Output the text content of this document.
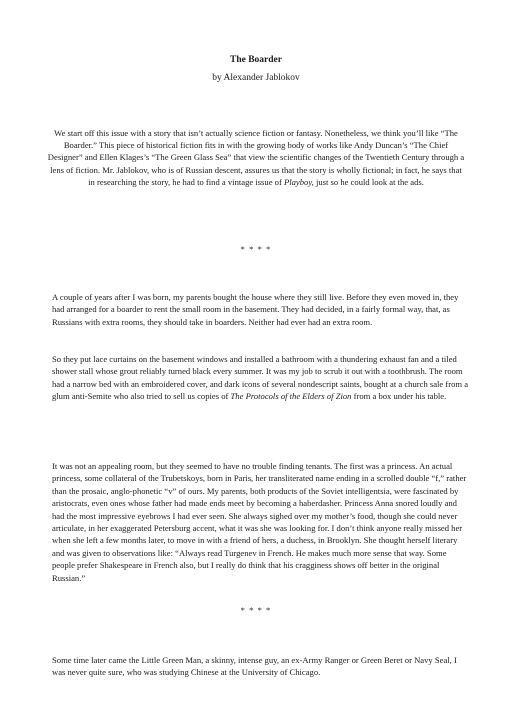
The Boarder
by Alexander Jablokov
We start off this issue with a story that isn’t actually science fiction or fantasy. Nonetheless, we think you’ll like “The Boarder.” This piece of historical fiction fits in with the growing body of works like Andy Duncan’s “The Chief Designer” and Ellen Klages’s “The Green Glass Sea” that view the scientific changes of the Twentieth Century through a lens of fiction. Mr. Jablokov, who is of Russian descent, assures us that the story is wholly fictional; in fact, he says that in researching the story, he had to find a vintage issue of Playboy, just so he could look at the ads.
* * * *

A couple of years after I was born, my parents bought the house where they still live. Before they even moved in, they had arranged for a boarder to rent the small room in the basement. They had decided, in a fairly formal way, that, as Russians with extra rooms, they should take in boarders. Neither had ever had an extra room.

So they put lace curtains on the basement windows and installed a bathroom with a thundering exhaust fan and a tiled shower stall whose grout reliably turned black every summer. It was my job to scrub it out with a toothbrush. The room had a narrow bed with an embroidered cover, and dark icons of several nondescript saints, bought at a church sale from a glum anti-Semite who also tried to sell us copies of The Protocols of the Elders of Zion from a box under his table.

It was not an appealing room, but they seemed to have no trouble finding tenants. The first was a princess. An actual princess, some collateral of the Trubetskoys, born in Paris, her transliterated name ending in a scrolled double “f,” rather than the prosaic, anglo-phonetic “v” of ours. My parents, both products of the Soviet intelligentsia, were fascinated by aristocrats, even ones whose father had made ends meet by becoming a haberdasher. Princess Anna snored loudly and had the most impressive eyebrows I had ever seen. She always sighed over my mother’s food, though she could never articulate, in her exaggerated Petersburg accent, what it was she was looking for. I don’t think anyone really missed her when she left a few months later, to move in with a friend of hers, a duchess, in Brooklyn. She thought herself literary and was given to observations like: “Always read Turgenev in French. He makes much more sense that way. Some people prefer Shakespeare in French also, but I really do think that his cragginess shows off better in the original Russian.”

* * * *

Some time later came the Little Green Man, a skinny, intense guy, an ex-Army Ranger or Green Beret or Navy Seal, I was never quite sure, who was studying Chinese at the University of Chicago.
